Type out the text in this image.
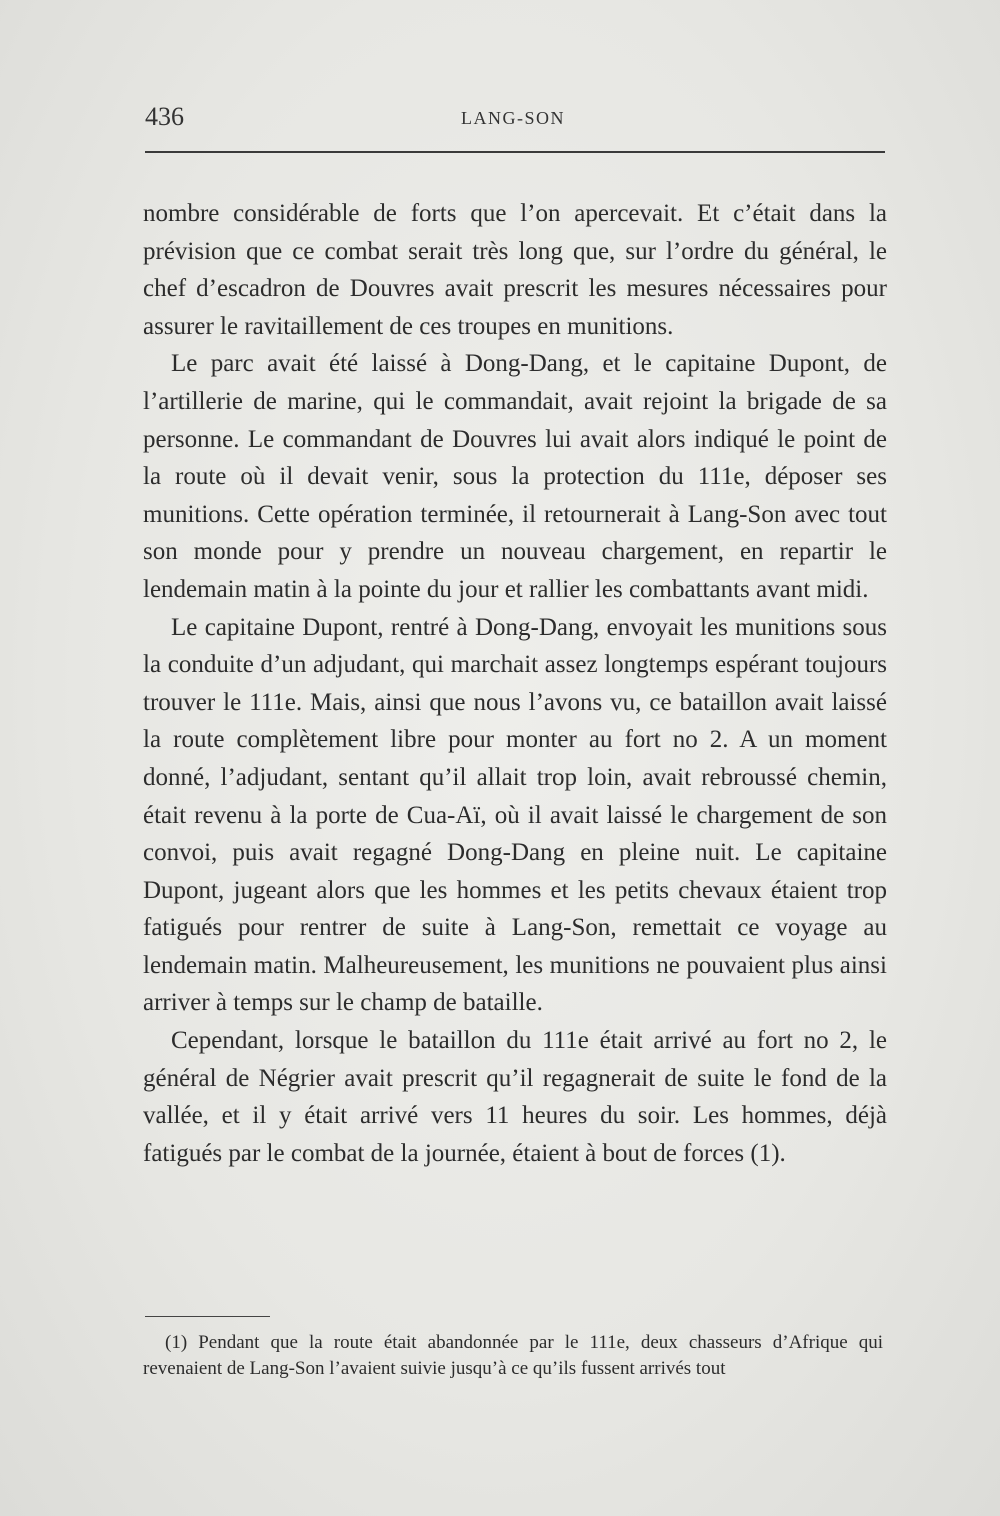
436	LANG-SON

nombre considérable de forts que l’on apercevait. Et c’était dans la prévision que ce combat serait très long que, sur l’ordre du général, le chef d’escadron de Douvres avait prescrit les mesures nécessaires pour assurer le ravitaillement de ces troupes en munitions.

Le parc avait été laissé à Dong-Dang, et le capitaine Dupont, de l’artillerie de marine, qui le commandait, avait rejoint la brigade de sa personne. Le commandant de Douvres lui avait alors indiqué le point de la route où il devait venir, sous la protection du 111e, déposer ses munitions. Cette opération terminée, il retournerait à Lang-Son avec tout son monde pour y prendre un nouveau chargement, en repartir le lendemain matin à la pointe du jour et rallier les combattants avant midi.

Le capitaine Dupont, rentré à Dong-Dang, envoyait les munitions sous la conduite d’un adjudant, qui marchait assez longtemps espérant toujours trouver le 111e. Mais, ainsi que nous l’avons vu, ce bataillon avait laissé la route complètement libre pour monter au fort no 2. A un moment donné, l’adjudant, sentant qu’il allait trop loin, avait rebroussé chemin, était revenu à la porte de Cua-Aï, où il avait laissé le chargement de son convoi, puis avait regagné Dong-Dang en pleine nuit. Le capitaine Dupont, jugeant alors que les hommes et les petits chevaux étaient trop fatigués pour rentrer de suite à Lang-Son, remettait ce voyage au lendemain matin. Malheureusement, les munitions ne pouvaient plus ainsi arriver à temps sur le champ de bataille.

Cependant, lorsque le bataillon du 111e était arrivé au fort no 2, le général de Négrier avait prescrit qu’il regagnerait de suite le fond de la vallée, et il y était arrivé vers 11 heures du soir. Les hommes, déjà fatigués par le combat de la journée, étaient à bout de forces (1).

(1) Pendant que la route était abandonnée par le 111e, deux chasseurs d’Afrique qui revenaient de Lang-Son l’avaient suivie jusqu’à ce qu’ils fussent arrivés tout
